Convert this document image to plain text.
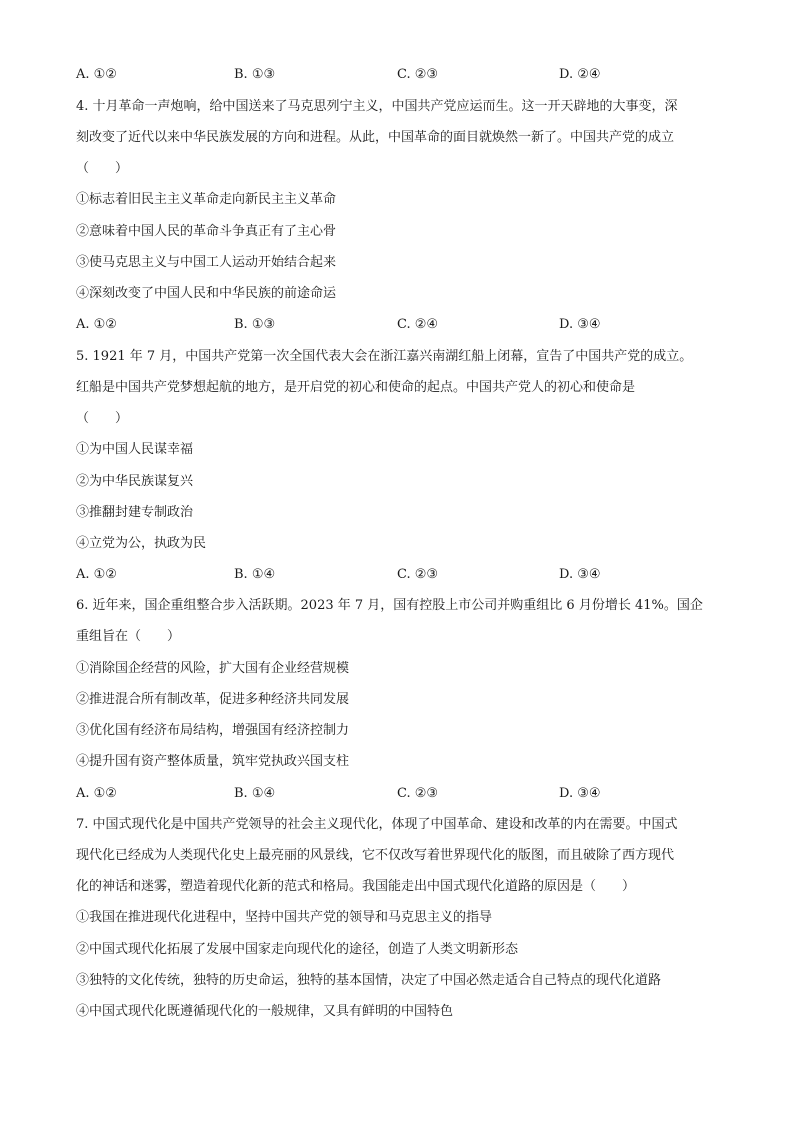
A. ①②	B. ①③	C. ②③	D. ②④
4. 十月革命一声炮响，给中国送来了马克思列宁主义，中国共产党应运而生。这一开天辟地的大事变，深
刻改变了近代以来中华民族发展的方向和进程。从此，中国革命的面目就焕然一新了。中国共产党的成立
（　　）
①标志着旧民主主义革命走向新民主主义革命
②意味着中国人民的革命斗争真正有了主心骨
③使马克思主义与中国工人运动开始结合起来
④深刻改变了中国人民和中华民族的前途命运
A. ①②	B. ①③	C. ②④	D. ③④
5. 1921 年 7 月，中国共产党第一次全国代表大会在浙江嘉兴南湖红船上闭幕，宣告了中国共产党的成立。
红船是中国共产党梦想起航的地方，是开启党的初心和使命的起点。中国共产党人的初心和使命是
（　　）
①为中国人民谋幸福
②为中华民族谋复兴
③推翻封建专制政治
④立党为公，执政为民
A. ①②	B. ①④	C. ②③	D. ③④
6. 近年来，国企重组整合步入活跃期。2023 年 7 月，国有控股上市公司并购重组比 6 月份增长 41%。国企
重组旨在（　　）
①消除国企经营的风险，扩大国有企业经营规模
②推进混合所有制改革，促进多种经济共同发展
③优化国有经济布局结构，增强国有经济控制力
④提升国有资产整体质量，筑牢党执政兴国支柱
A. ①②	B. ①④	C. ②③	D. ③④
7. 中国式现代化是中国共产党领导的社会主义现代化，体现了中国革命、建设和改革的内在需要。中国式
现代化已经成为人类现代化史上最亮丽的风景线，它不仅改写着世界现代化的版图，而且破除了西方现代
化的神话和迷雾，塑造着现代化新的范式和格局。我国能走出中国式现代化道路的原因是（　　）
①我国在推进现代化进程中，坚持中国共产党的领导和马克思主义的指导
②中国式现代化拓展了发展中国家走向现代化的途径，创造了人类文明新形态
③独特的文化传统，独特的历史命运，独特的基本国情，决定了中国必然走适合自己特点的现代化道路
④中国式现代化既遵循现代化的一般规律，又具有鲜明的中国特色
